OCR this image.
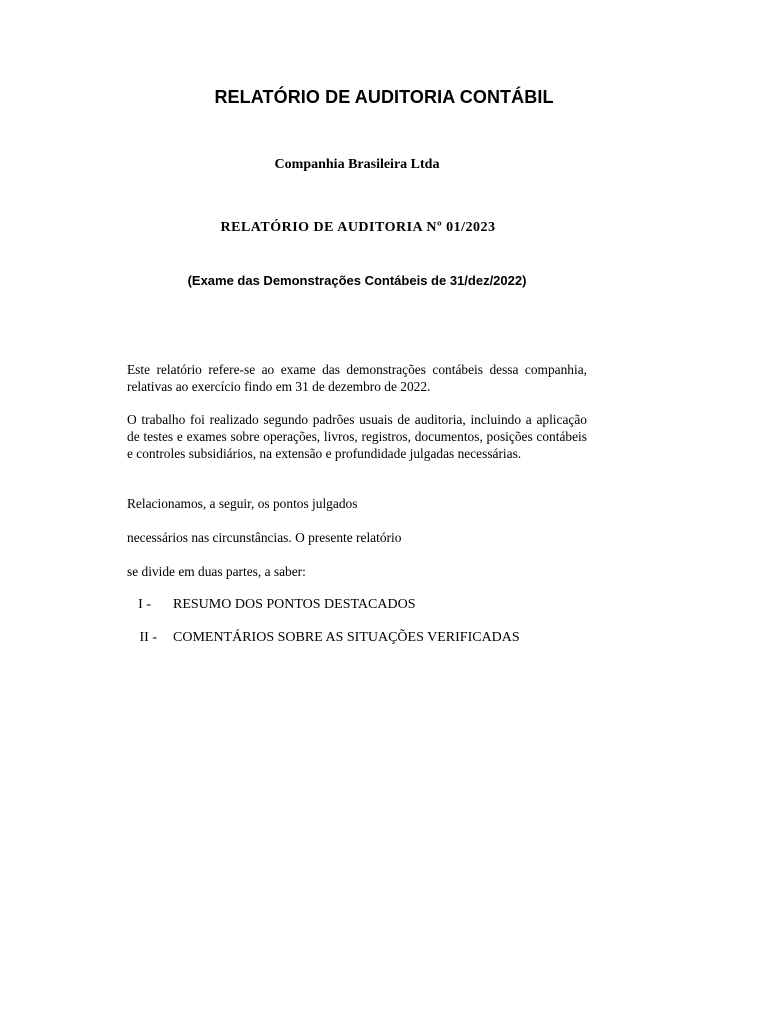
RELATÓRIO DE AUDITORIA CONTÁBIL
Companhia Brasileira Ltda
RELATÓRIO DE AUDITORIA Nº 01/2023
(Exame das Demonstrações Contábeis de 31/dez/2022)

Este relatório refere-se ao exame das demonstrações contábeis dessa companhia, relativas ao exercício findo em 31 de dezembro de 2022.

O trabalho foi realizado segundo padrões usuais de auditoria, incluindo a aplicação de testes e exames sobre operações, livros, registros, documentos, posições contábeis e controles subsidiários, na extensão e profundidade julgadas necessárias.

Relacionamos, a seguir, os pontos julgados

necessários nas circunstâncias. O presente relatório

se divide em duas partes, a saber:

I - RESUMO DOS PONTOS DESTACADOS
II - COMENTÁRIOS SOBRE AS SITUAÇÕES VERIFICADAS
